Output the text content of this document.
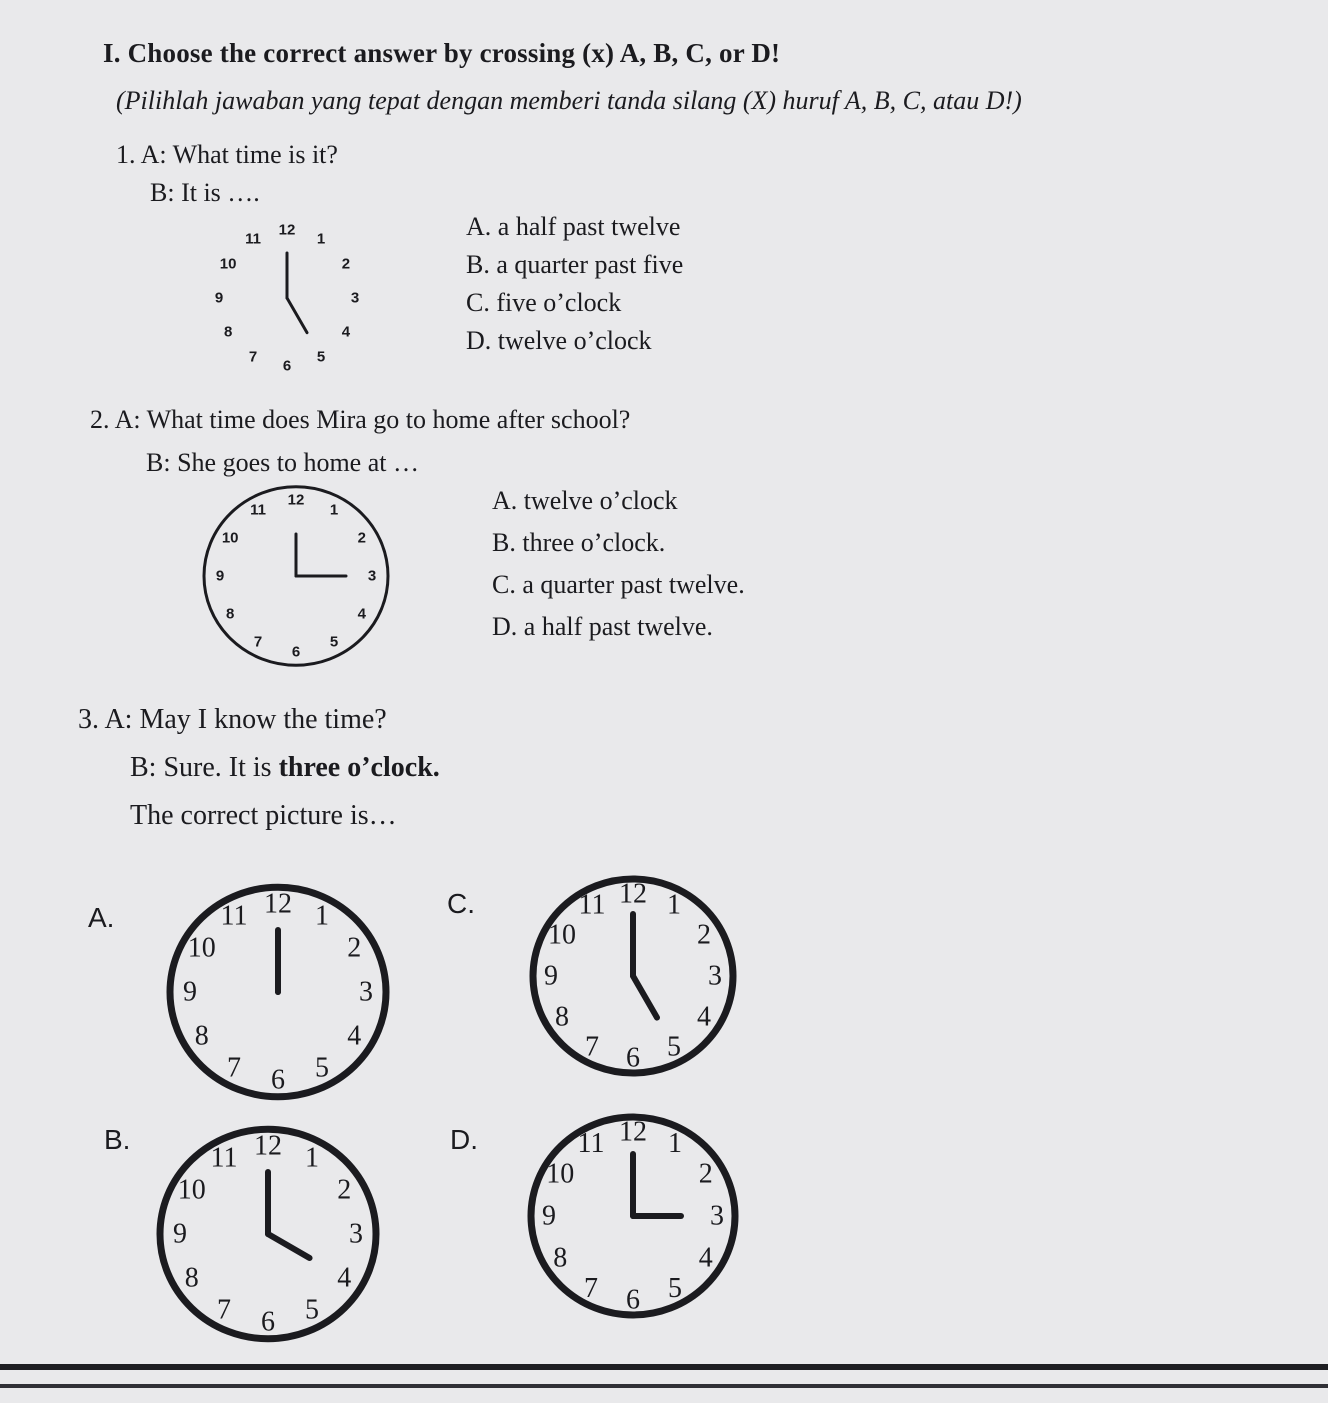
I. Choose the correct answer by crossing (x) A, B, C, or D!
(Pilihlah jawaban yang tepat dengan memberi tanda silang (X) huruf A, B, C, atau D!)
1. A: What time is it?
B: It is ….
12
1
2
3
4
5
6
7
8
9
10
11	A. a half past twelve
B. a quarter past five
C. five o’clock
D. twelve o’clock
2. A: What time does Mira go to home after school?
B: She goes to home at …
12
1
2
3
4
5
6
7
8
9
10
11	A. twelve o’clock
B. three o’clock.
C. a quarter past twelve.
D. a half past twelve.
3. A: May I know the time?
B: Sure. It is three o’clock.
The correct picture is…
A.	12 1
2
3
4
5
6
7
8
9
10
11	C.	12 1
2
3
4
5
6
7
8
9
10
11
B.	12 1
2
3
4
5
6
7
8
9
10
11
D.	12 1
2
3
4
5
6
7
8
9
10
11
